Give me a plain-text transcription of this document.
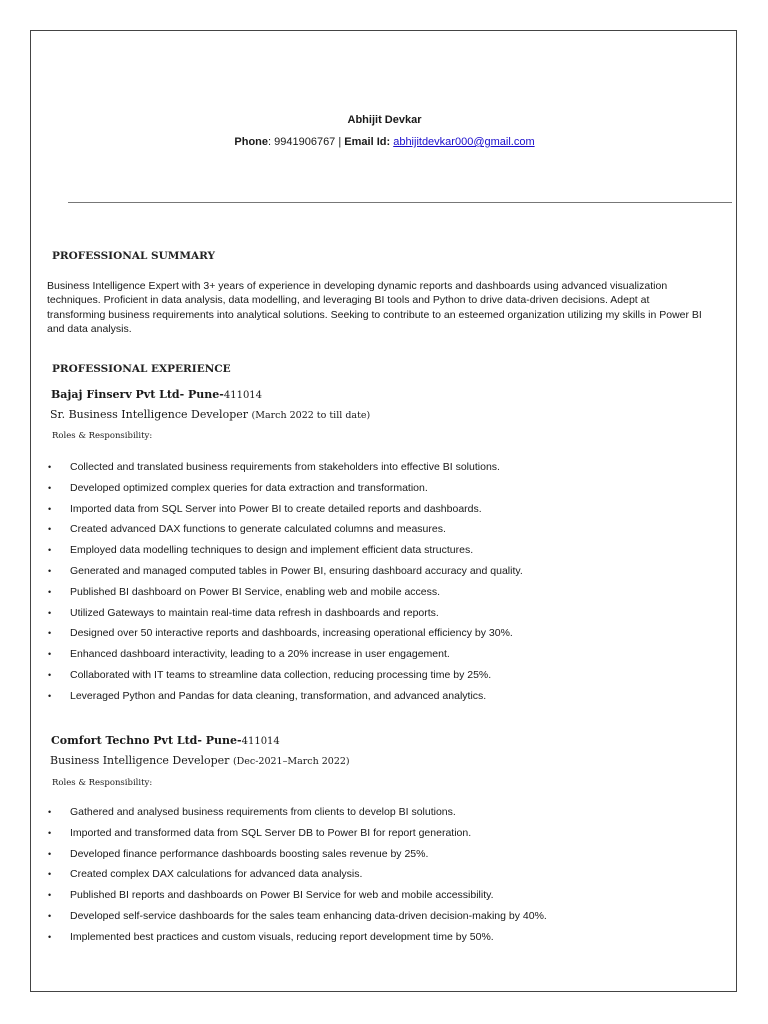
Abhijit Devkar
Phone: 9941906767 | Email Id: abhijitdevkar000@gmail.com
PROFESSIONAL SUMMARY
Business Intelligence Expert with 3+ years of experience in developing dynamic reports and dashboards using advanced visualization techniques. Proficient in data analysis, data modelling, and leveraging BI tools and Python to drive data-driven decisions. Adept at transforming business requirements into analytical solutions. Seeking to contribute to an esteemed organization utilizing my skills in Power BI and data analysis.
PROFESSIONAL EXPERIENCE
Bajaj Finserv Pvt Ltd- Pune-411014
Sr. Business Intelligence Developer (March 2022 to till date)
Roles & Responsibility:
• Collected and translated business requirements from stakeholders into effective BI solutions.
• Developed optimized complex queries for data extraction and transformation.
• Imported data from SQL Server into Power BI to create detailed reports and dashboards.
• Created advanced DAX functions to generate calculated columns and measures.
• Employed data modelling techniques to design and implement efficient data structures.
• Generated and managed computed tables in Power BI, ensuring dashboard accuracy and quality.
• Published BI dashboard on Power BI Service, enabling web and mobile access.
• Utilized Gateways to maintain real-time data refresh in dashboards and reports.
• Designed over 50 interactive reports and dashboards, increasing operational efficiency by 30%.
• Enhanced dashboard interactivity, leading to a 20% increase in user engagement.
• Collaborated with IT teams to streamline data collection, reducing processing time by 25%.
• Leveraged Python and Pandas for data cleaning, transformation, and advanced analytics.
Comfort Techno Pvt Ltd- Pune-411014
Business Intelligence Developer (Dec-2021–March 2022)
Roles & Responsibility:
• Gathered and analysed business requirements from clients to develop BI solutions.
• Imported and transformed data from SQL Server DB to Power BI for report generation.
• Developed finance performance dashboards boosting sales revenue by 25%.
• Created complex DAX calculations for advanced data analysis.
• Published BI reports and dashboards on Power BI Service for web and mobile accessibility.
• Developed self-service dashboards for the sales team enhancing data-driven decision-making by 40%.
• Implemented best practices and custom visuals, reducing report development time by 50%.
